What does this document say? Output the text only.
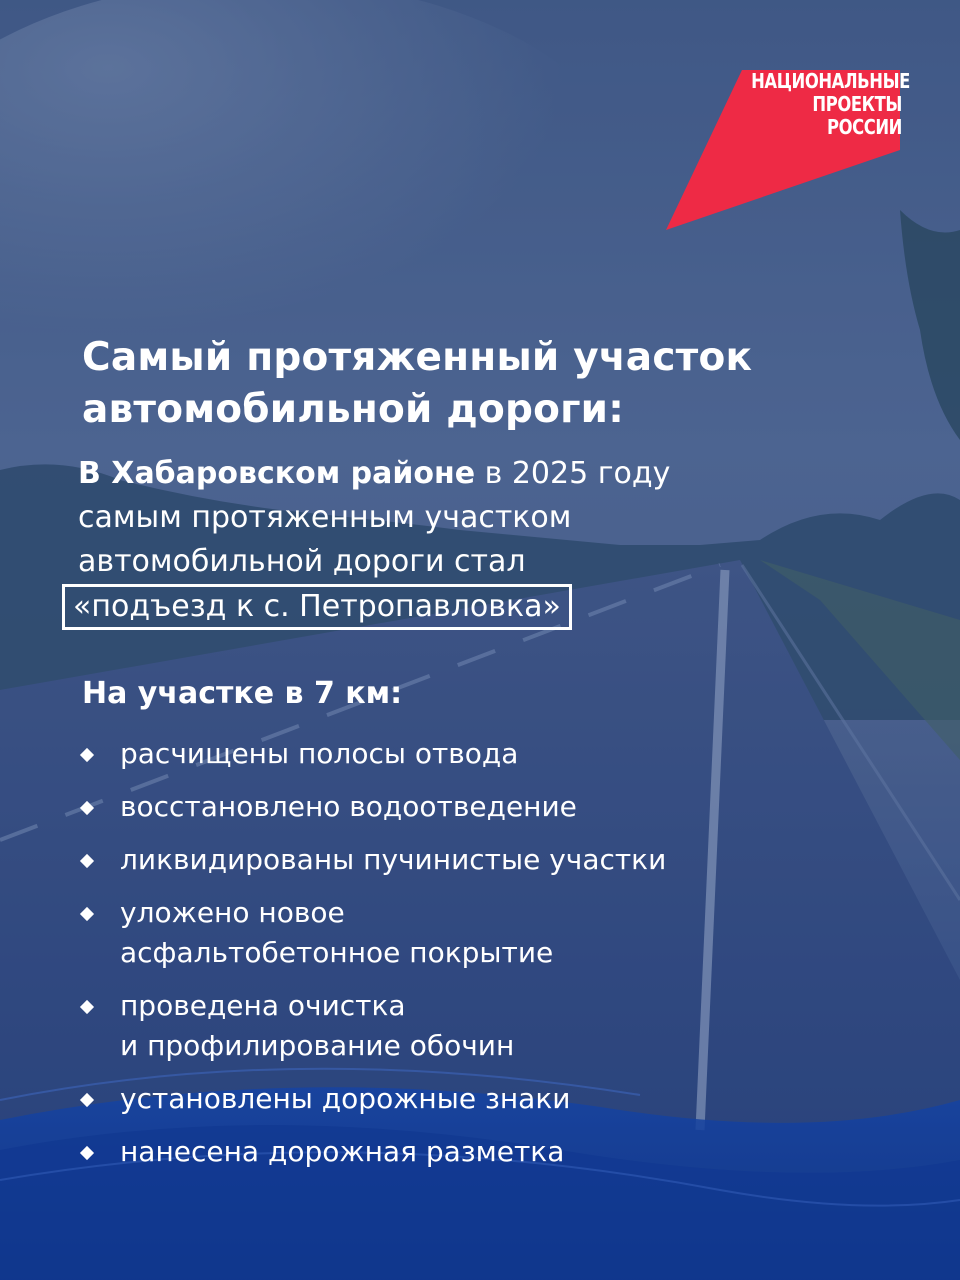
НАЦИОНАЛЬНЫЕ
ПРОЕКТЫ
РОССИИ
Самый протяженный участок
автомобильной дороги:
В Хабаровском районе в 2025 году
самым протяженным участком
автомобильной дороги стал
«подъезд к с. Петропавловка»
На участке в 7 км:
расчищены полосы отвода
восстановлено водоотведение
ликвидированы пучинистые участки
уложено новое
асфальтобетонное покрытие
проведена очистка
и профилирование обочин
установлены дорожные знаки
нанесена дорожная разметка
